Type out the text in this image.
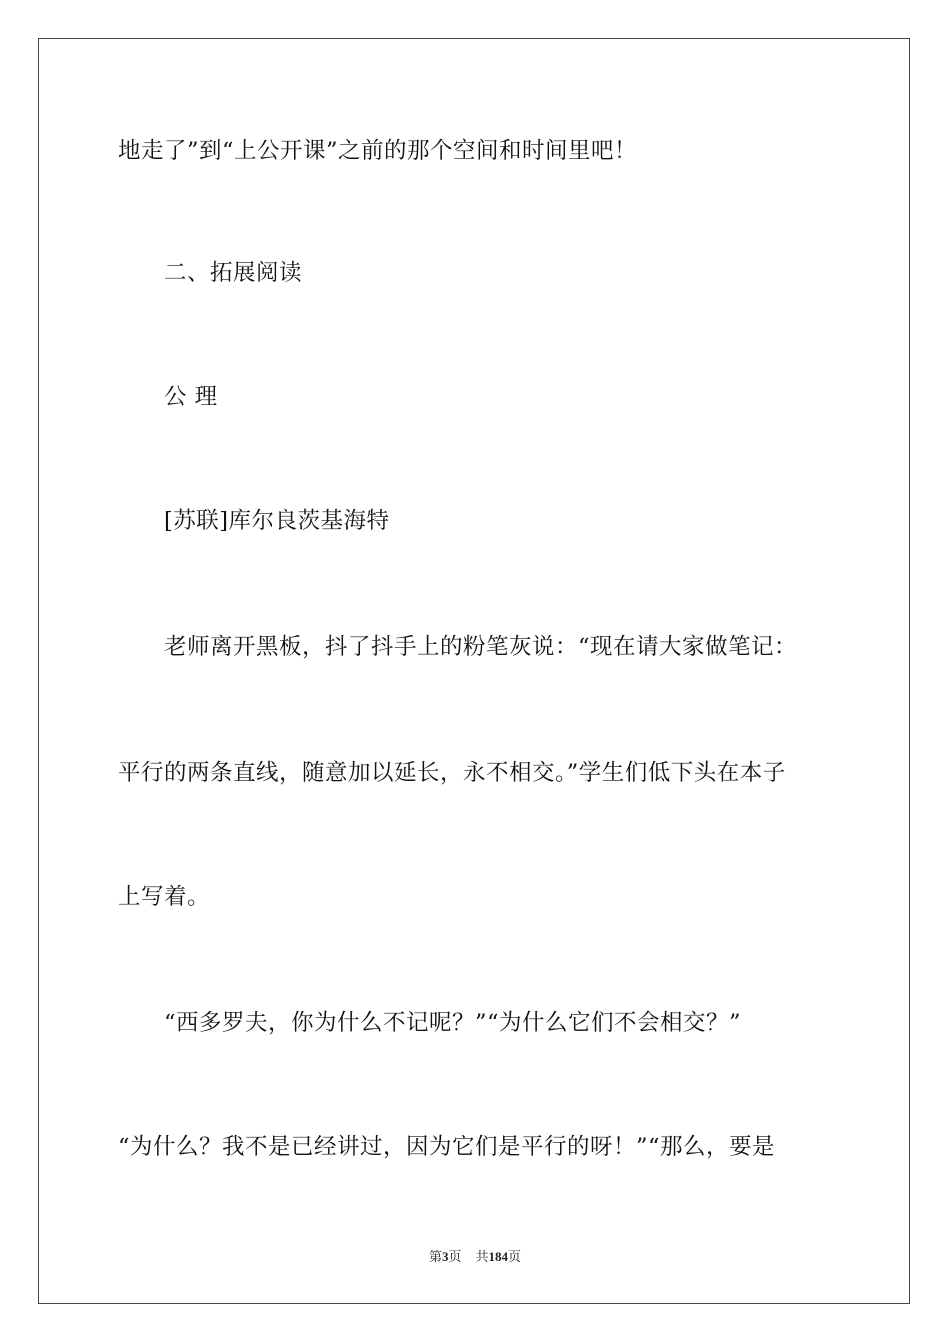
地走了”到“上公开课”之前的那个空间和时间里吧！
二、拓展阅读
公 理
[苏联]库尔良茨基海特
老师离开黑板，抖了抖手上的粉笔灰说：“现在请大家做笔记：
平行的两条直线，随意加以延长，永不相交。”学生们低下头在本子
上写着。
“西多罗夫，你为什么不记呢？”“为什么它们不会相交？”
“为什么？我不是已经讲过，因为它们是平行的呀！”“那么，要是
第3页 共184页
